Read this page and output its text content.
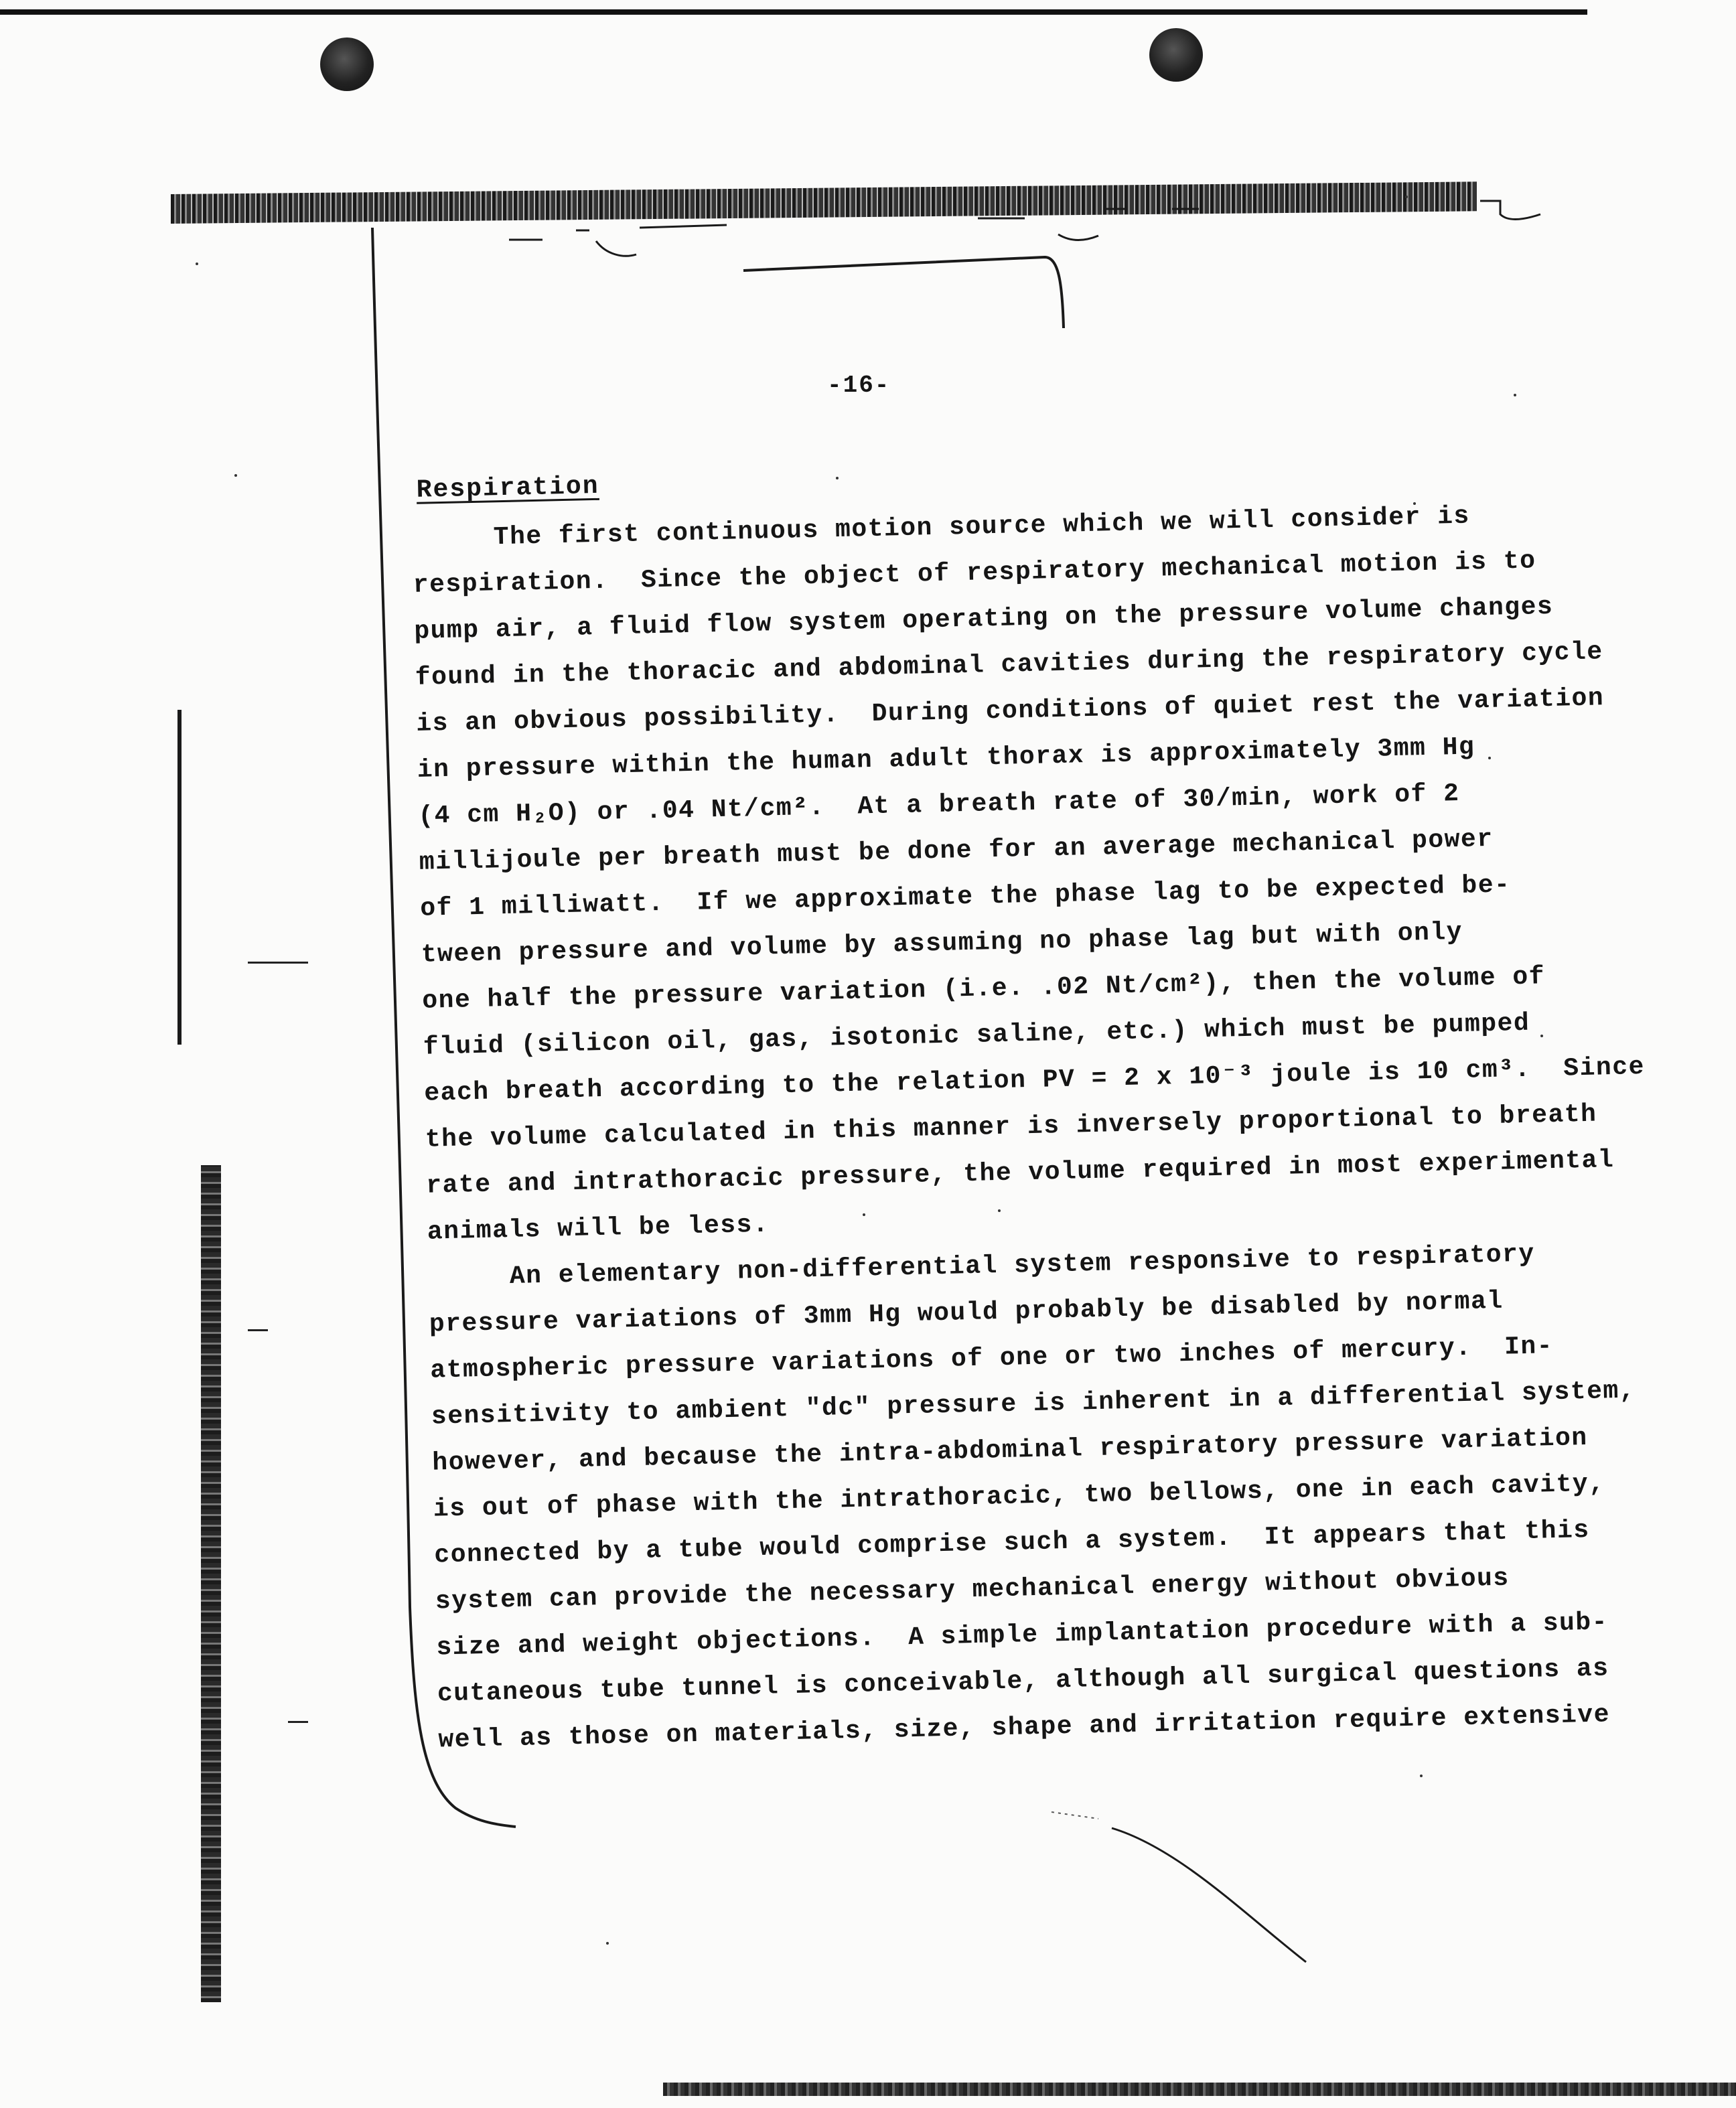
-16-
Respiration
The first continuous motion source which we will consider is
respiration.  Since the object of respiratory mechanical motion is to
pump air, a fluid flow system operating on the pressure volume changes
found in the thoracic and abdominal cavities during the respiratory cycle
is an obvious possibility.  During conditions of quiet rest the variation
in pressure within the human adult thorax is approximately 3mm Hg
(4 cm H₂O) or .04 Nt/cm².  At a breath rate of 30/min, work of 2
millijoule per breath must be done for an average mechanical power
of 1 milliwatt.  If we approximate the phase lag to be expected be-
tween pressure and volume by assuming no phase lag but with only
one half the pressure variation (i.e. .02 Nt/cm²), then the volume of
fluid (silicon oil, gas, isotonic saline, etc.) which must be pumped
each breath according to the relation PV = 2 x 10⁻³ joule is 10 cm³.  Since
the volume calculated in this manner is inversely proportional to breath
rate and intrathoracic pressure, the volume required in most experimental
animals will be less.
An elementary non-differential system responsive to respiratory
pressure variations of 3mm Hg would probably be disabled by normal
atmospheric pressure variations of one or two inches of mercury.  In-
sensitivity to ambient "dc" pressure is inherent in a differential system,
however, and because the intra-abdominal respiratory pressure variation
is out of phase with the intrathoracic, two bellows, one in each cavity,
connected by a tube would comprise such a system.  It appears that this
system can provide the necessary mechanical energy without obvious
size and weight objections.  A simple implantation procedure with a sub-
cutaneous tube tunnel is conceivable, although all surgical questions as
well as those on materials, size, shape and irritation require extensive
